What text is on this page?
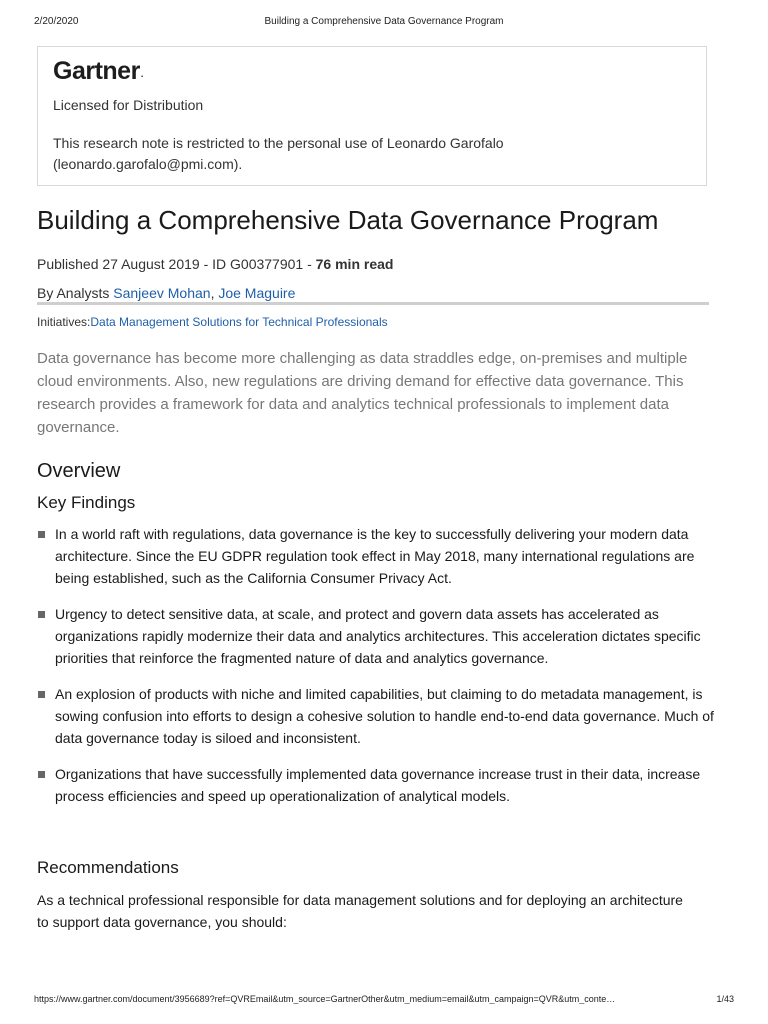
2/20/2020	Building a Comprehensive Data Governance Program
Gartner.
Licensed for Distribution
This research note is restricted to the personal use of Leonardo Garofalo (leonardo.garofalo@pmi.com).
Building a Comprehensive Data Governance Program
Published 27 August 2019 - ID G00377901 - 76 min read
By Analysts Sanjeev Mohan, Joe Maguire
Initiatives:Data Management Solutions for Technical Professionals

Data governance has become more challenging as data straddles edge, on-premises and multiple cloud environments. Also, new regulations are driving demand for effective data governance. This research provides a framework for data and analytics technical professionals to implement data governance.

Overview
Key Findings
In a world raft with regulations, data governance is the key to successfully delivering your modern data architecture. Since the EU GDPR regulation took effect in May 2018, many international regulations are being established, such as the California Consumer Privacy Act.
Urgency to detect sensitive data, at scale, and protect and govern data assets has accelerated as organizations rapidly modernize their data and analytics architectures. This acceleration dictates specific priorities that reinforce the fragmented nature of data and analytics governance.
An explosion of products with niche and limited capabilities, but claiming to do metadata management, is sowing confusion into efforts to design a cohesive solution to handle end-to-end data governance. Much of data governance today is siloed and inconsistent.
Organizations that have successfully implemented data governance increase trust in their data, increase process efficiencies and speed up operationalization of analytical models.
Recommendations

As a technical professional responsible for data management solutions and for deploying an architecture to support data governance, you should:

https://www.gartner.com/document/3956689?ref=QVREmail&utm_source=GartnerOther&utm_medium=email&utm_campaign=QVR&utm_conte…	1/43
